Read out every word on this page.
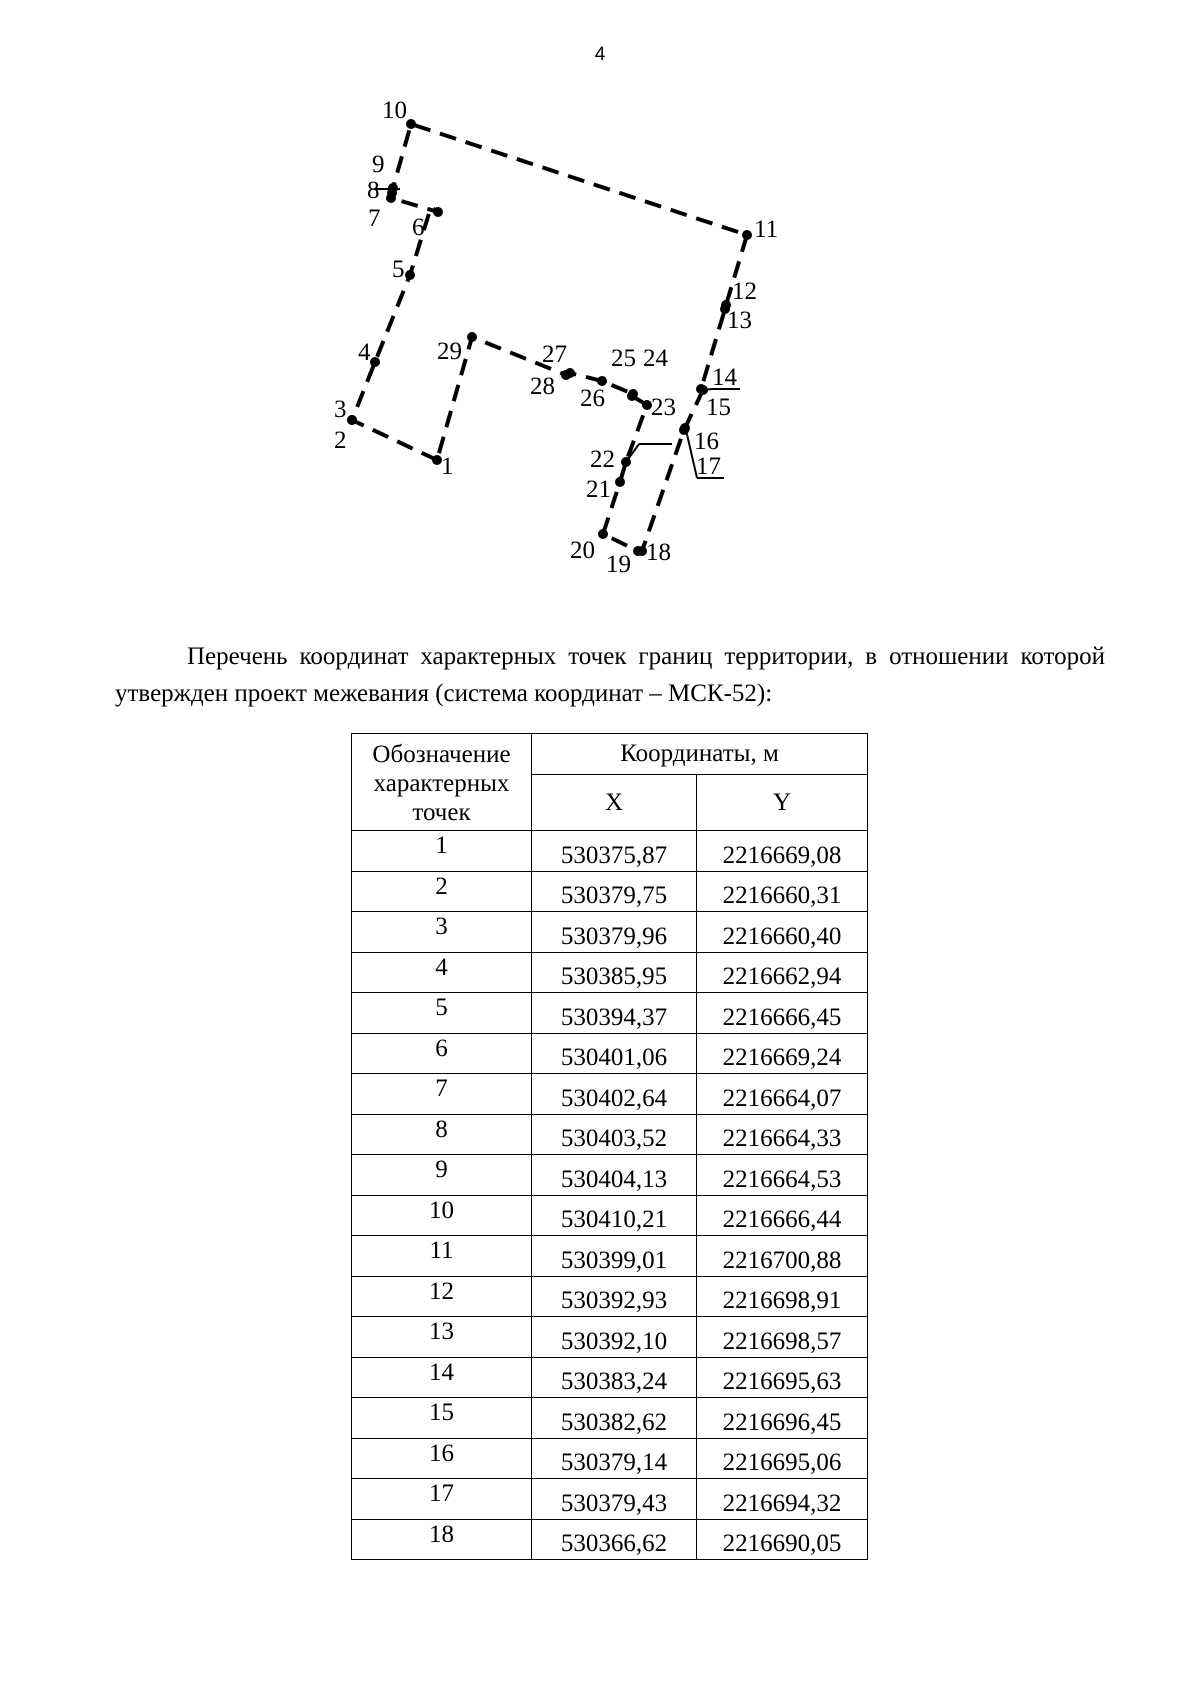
4
1
2
3
4
5
6
7
8
9
10
11
12
13
14
15
16
17
18
19
20
21
22
23
24
25
26
27
28
29
Перечень координат характерных точек границ территории, в отношении которой утвержден проект межевания (система координат – МСК-52):
Обозначение характерных точек	Координаты, м	
	X	Y
1	530375,87	2216669,08
2	530379,75	2216660,31
3	530379,96	2216660,40
4	530385,95	2216662,94
5	530394,37	2216666,45
6	530401,06	2216669,24
7	530402,64	2216664,07
8	530403,52	2216664,33
9	530404,13	2216664,53
10	530410,21	2216666,44
11	530399,01	2216700,88
12	530392,93	2216698,91
13	530392,10	2216698,57
14	530383,24	2216695,63
15	530382,62	2216696,45
16	530379,14	2216695,06
17	530379,43	2216694,32
18	530366,62	2216690,05
